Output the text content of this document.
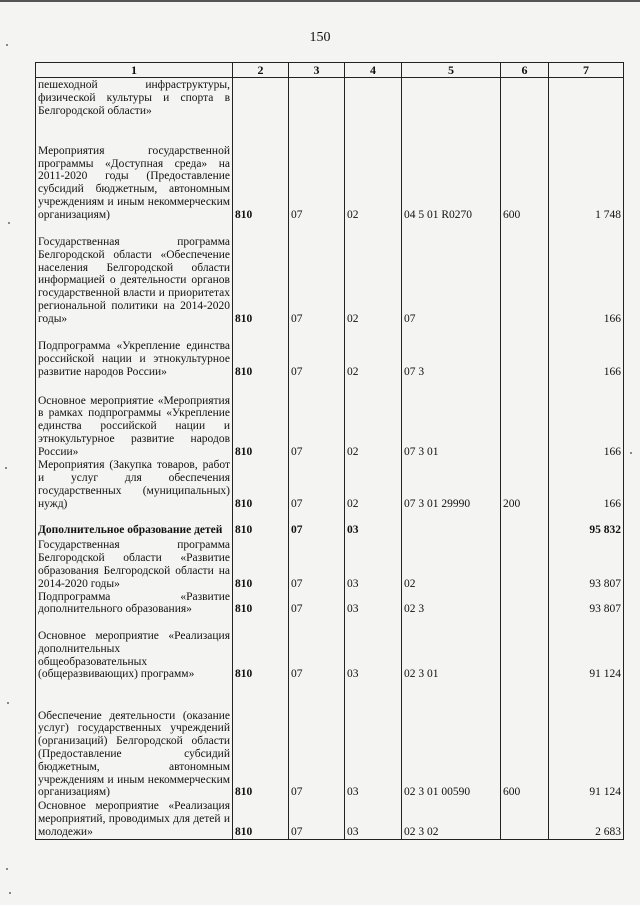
150
1	2	3	4	5	6	7
пешеходной инфраструктуры, физической культуры и спорта в Белгородской области»						
Мероприятия государственной программы «Доступная среда» на 2011-2020 годы (Предоставление субсидий бюджетным, автономным учреждениям и иным некоммерческим организациям)	810	07	02	04 5 01 R0270	600	1 748
Государственная программа Белгородской области «Обеспечение населения Белгородской области информацией о деятельности органов государственной власти и приоритетах региональной политики на 2014-2020 годы»	810	07	02	07		166
Подпрограмма «Укрепление единства российской нации и этнокультурное развитие народов России»	810	07	02	07 3		166
Основное мероприятие «Мероприятия в рамках подпрограммы «Укрепление единства российской нации и этнокультурное развитие народов России»	810	07	02	07 3 01		166
Мероприятия (Закупка товаров, работ и услуг для обеспечения государственных (муниципальных) нужд)	810	07	02	07 3 01 29990	200	166
Дополнительное образование детей	810	07	03			95 832
Государственная программа Белгородской области «Развитие образования Белгородской области на 2014-2020 годы»	810	07	03	02		93 807
Подпрограмма «Развитие дополнительного образования»	810	07	03	02 3		93 807
Основное мероприятие «Реализация дополнительных общеобразовательных (общеразвивающих) программ»	810	07	03	02 3 01		91 124
Обеспечение деятельности (оказание услуг) государственных учреждений (организаций) Белгородской области (Предоставление субсидий бюджетным, автономным учреждениям и иным некоммерческим организациям)	810	07	03	02 3 01 00590	600	91 124
Основное мероприятие «Реализация мероприятий, проводимых для детей и молодежи»	810	07	03	02 3 02		2 683
